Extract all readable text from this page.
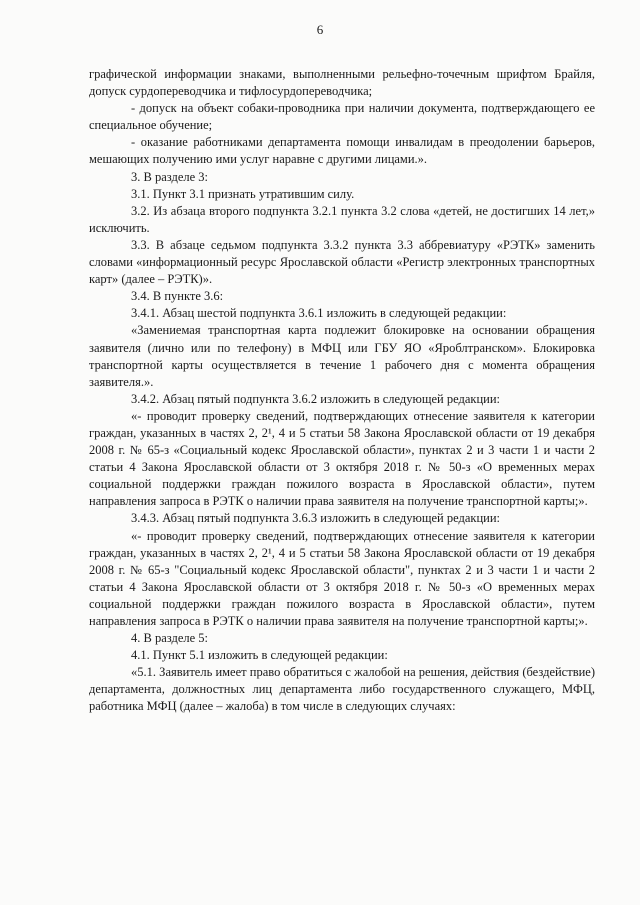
6

графической информации знаками, выполненными рельефно-точечным шрифтом Брайля, допуск сурдопереводчика и тифлосурдопереводчика;

- допуск на объект собаки-проводника при наличии документа, подтверждающего ее специальное обучение;

- оказание работниками департамента помощи инвалидам в преодолении барьеров, мешающих получению ими услуг наравне с другими лицами.».

3. В разделе 3:

3.1. Пункт 3.1 признать утратившим силу.

3.2. Из абзаца второго подпункта 3.2.1 пункта 3.2 слова «детей, не достигших 14 лет,» исключить.

3.3. В абзаце седьмом подпункта 3.3.2 пункта 3.3 аббревиатуру «РЭТК» заменить словами «информационный ресурс Ярославской области «Регистр электронных транспортных карт» (далее – РЭТК)».

3.4. В пункте 3.6:

3.4.1. Абзац шестой подпункта 3.6.1 изложить в следующей редакции:

«Замениемая транспортная карта подлежит блокировке на основании обращения заявителя (лично или по телефону) в МФЦ или ГБУ ЯО «Яроблтранском». Блокировка транспортной карты осуществляется в течение 1 рабочего дня с момента обращения заявителя.».

3.4.2. Абзац пятый подпункта 3.6.2 изложить в следующей редакции:

«- проводит проверку сведений, подтверждающих отнесение заявителя к категории граждан, указанных в частях 2, 2¹, 4 и 5 статьи 58 Закона Ярославской области от 19 декабря 2008 г. № 65-з «Социальный кодекс Ярославской области», пунктах 2 и 3 части 1 и части 2 статьи 4 Закона Ярославской области от 3 октября 2018 г. № 50-з «О временных мерах социальной поддержки граждан пожилого возраста в Ярославской области», путем направления запроса в РЭТК о наличии права заявителя на получение транспортной карты;».

3.4.3. Абзац пятый подпункта 3.6.3 изложить в следующей редакции:

«- проводит проверку сведений, подтверждающих отнесение заявителя к категории граждан, указанных в частях 2, 2¹, 4 и 5 статьи 58 Закона Ярославской области от 19 декабря 2008 г. № 65-з "Социальный кодекс Ярославской области", пунктах 2 и 3 части 1 и части 2 статьи 4 Закона Ярославской области от 3 октября 2018 г. № 50-з «О временных мерах социальной поддержки граждан пожилого возраста в Ярославской области», путем направления запроса в РЭТК о наличии права заявителя на получение транспортной карты;».

4. В разделе 5:

4.1. Пункт 5.1 изложить в следующей редакции:

«5.1. Заявитель имеет право обратиться с жалобой на решения, действия (бездействие) департамента, должностных лиц департамента либо государственного служащего, МФЦ, работника МФЦ (далее – жалоба) в том числе в следующих случаях:
